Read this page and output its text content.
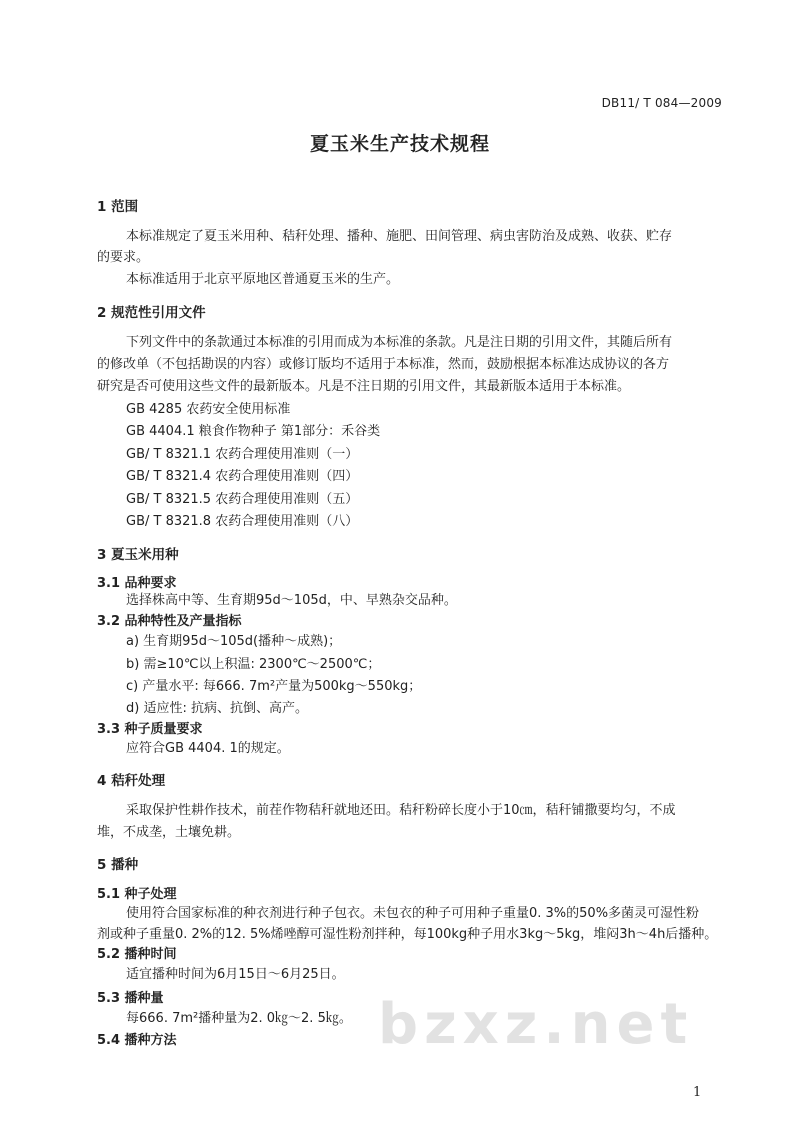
DB11/ T 084—2009
夏玉米生产技术规程
1 范围
本标准规定了夏玉米用种、秸秆处理、播种、施肥、田间管理、病虫害防治及成熟、收获、贮存
的要求。
本标准适用于北京平原地区普通夏玉米的生产。
2 规范性引用文件
下列文件中的条款通过本标准的引用而成为本标准的条款。凡是注日期的引用文件，其随后所有
的修改单（不包括勘误的内容）或修订版均不适用于本标准，然而，鼓励根据本标准达成协议的各方
研究是否可使用这些文件的最新版本。凡是不注日期的引用文件，其最新版本适用于本标准。
GB 4285 农药安全使用标准
GB 4404.1 粮食作物种子 第1部分：禾谷类
GB/ T 8321.1 农药合理使用准则（一）
GB/ T 8321.4 农药合理使用准则（四）
GB/ T 8321.5 农药合理使用准则（五）
GB/ T 8321.8 农药合理使用准则（八）
3 夏玉米用种
3.1 品种要求
选择株高中等、生育期95d～105d，中、早熟杂交品种。
3.2 品种特性及产量指标
a) 生育期95d～105d(播种～成熟)；
b) 需≥10℃以上积温: 2300℃～2500℃；
c) 产量水平: 每666. 7m²产量为500kg～550kg；
d) 适应性: 抗病、抗倒、高产。
3.3 种子质量要求
应符合GB 4404. 1的规定。
4 秸秆处理
采取保护性耕作技术，前茬作物秸秆就地还田。秸秆粉碎长度小于10㎝，秸秆铺撒要均匀，不成
堆，不成垄，土壤免耕。
5 播种
5.1 种子处理
使用符合国家标准的种衣剂进行种子包衣。未包衣的种子可用种子重量0. 3%的50%多菌灵可湿性粉
剂或种子重量0. 2%的12. 5%烯唑醇可湿性粉剂拌种，每100kg种子用水3kg～5kg，堆闷3h～4h后播种。
5.2 播种时间
适宜播种时间为6月15日～6月25日。
5.3 播种量
每666. 7m²播种量为2. 0㎏～2. 5㎏。
5.4 播种方法	bzxz.net
1
